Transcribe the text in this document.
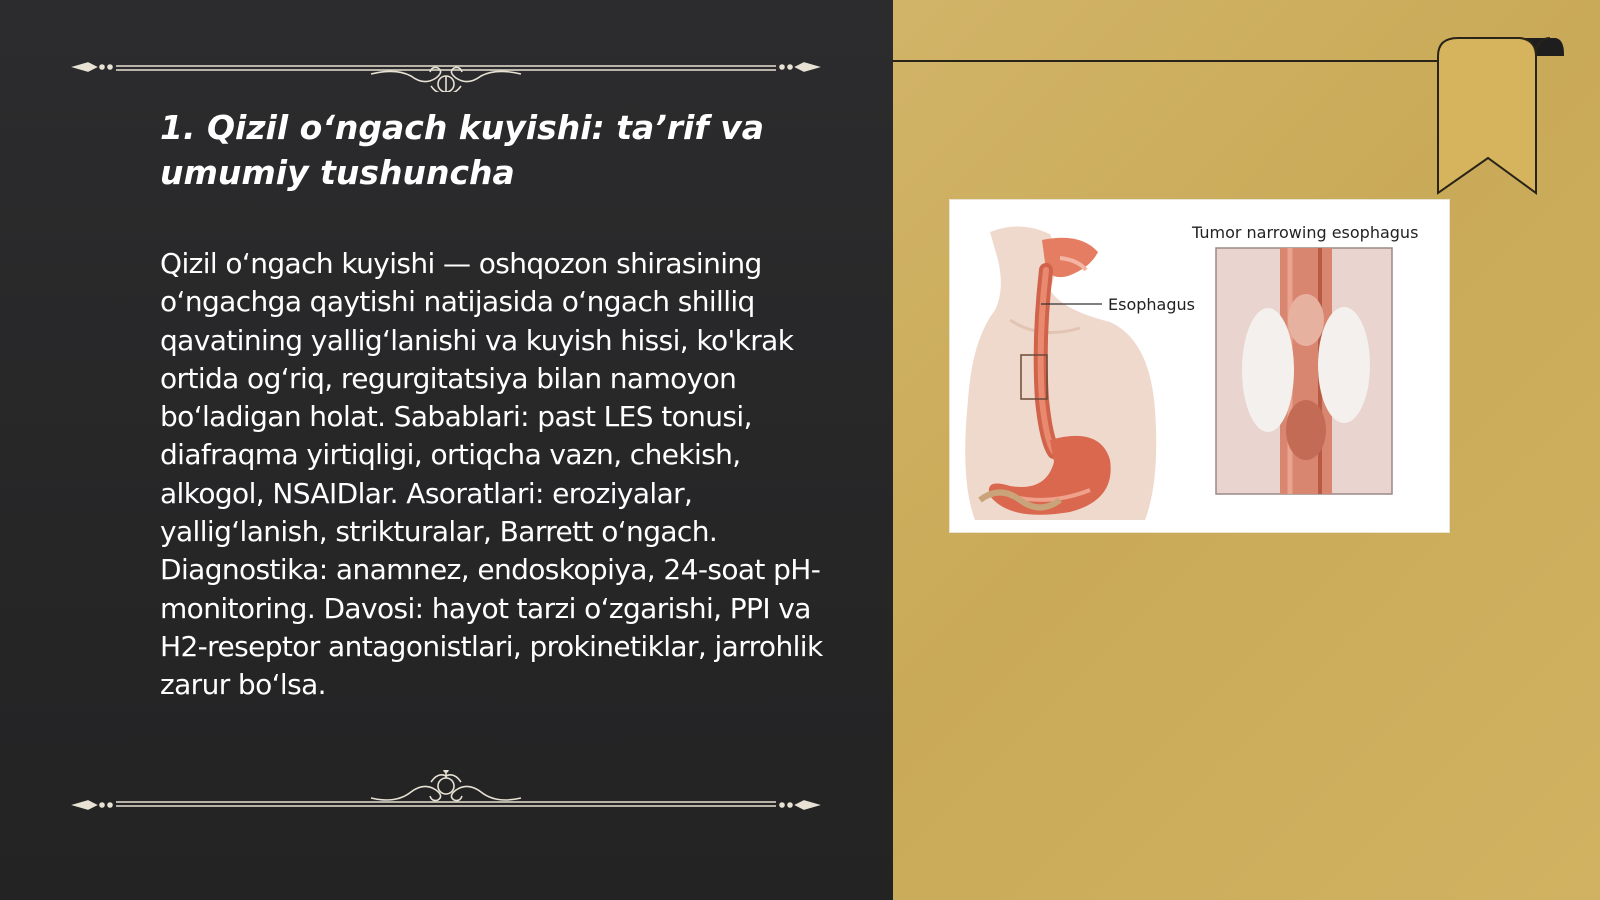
1. Qizil o‘ngach kuyishi: ta’rif va umumiy tushuncha

Qizil o‘ngach kuyishi — oshqozon shirasining o‘ngachga qaytishi natijasida o‘ngach shilliq qavatining yallig‘lanishi va kuyish hissi, ko'krak ortida og‘riq, regurgitatsiya bilan namoyon bo‘ladigan holat. Sabablari: past LES tonusi, diafraqma yirtiqligi, ortiqcha vazn, chekish, alkogol, NSAIDlar. Asoratlari: eroziyalar, yallig‘lanish, strikturalar, Barrett o‘ngach. Diagnostika: anamnez, endoskopiya, 24-soat pH-monitoring. Davosi: hayot tarzi o‘zgarishi, PPI va H2-reseptor antagonistlari, prokinetiklar, jarrohlik zarur bo‘lsa.

Esophagus
Tumor narrowing esophagus
